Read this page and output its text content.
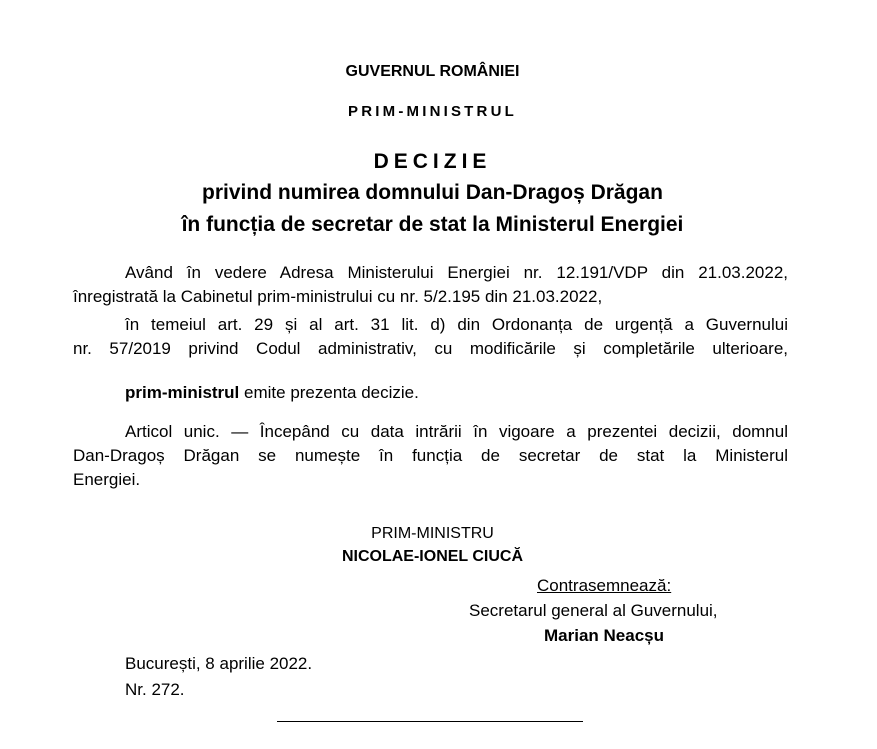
GUVERNUL ROMÂNIEI
PRIM-MINISTRUL
DECIZIE
privind numirea domnului Dan-Dragoș Drăgan
în funcția de secretar de stat la Ministerul Energiei
Având în vedere Adresa Ministerului Energiei nr. 12.191/VDP din 21.03.2022,
înregistrată la Cabinetul prim-ministrului cu nr. 5/2.195 din 21.03.2022,
în temeiul art. 29 și al art. 31 lit. d) din Ordonanța de urgență a Guvernului
nr. 57/2019 privind Codul administrativ, cu modificările și completările ulterioare,
prim-ministrul emite prezenta decizie.
Articol unic. — Începând cu data intrării în vigoare a prezentei decizii, domnul
Dan-Dragoș Drăgan se numește în funcția de secretar de stat la Ministerul
Energiei.
PRIM-MINISTRU
NICOLAE-IONEL CIUCĂ
Contrasemnează:
Secretarul general al Guvernului,
Marian Neacșu
București, 8 aprilie 2022.
Nr. 272.
